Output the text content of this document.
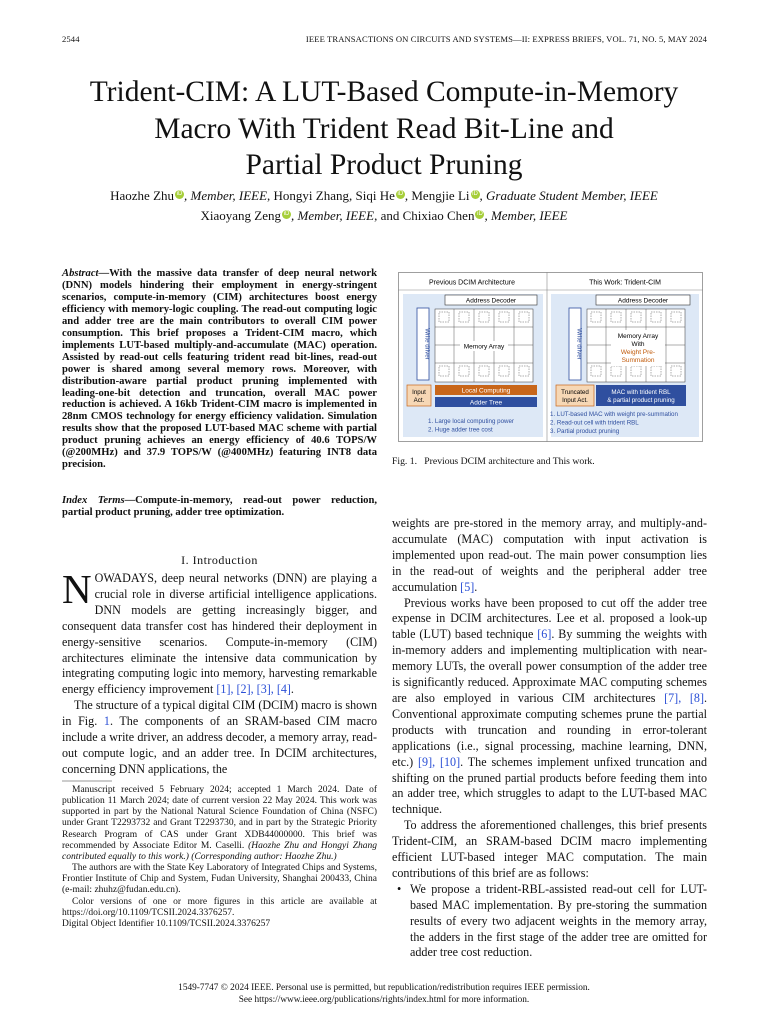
2544	IEEE TRANSACTIONS ON CIRCUITS AND SYSTEMS—II: EXPRESS BRIEFS, VOL. 71, NO. 5, MAY 2024
Trident-CIM: A LUT-Based Compute-in-Memory
Macro With Trident Read Bit-Line and
Partial Product Pruning
Haozhe Zhu iD , Member, IEEE, Hongyi Zhang, Siqi He iD , Mengjie Li iD , Graduate Student Member, IEEE
Xiaoyang Zeng iD , Member, IEEE, and Chixiao Chen iD , Member, IEEE
Abstract—With the massive data transfer of deep neural network (DNN) models hindering their employment in energy-stringent scenarios, compute-in-memory (CIM) architectures boost energy efficiency with memory-logic coupling. The read-out computing logic and adder tree are the main contributors to overall CIM power consumption. This brief proposes a Trident-CIM macro, which implements LUT-based multiply-and-accumulate (MAC) operation. Assisted by read-out cells featuring trident read bit-lines, read-out power is shared among several memory rows. Moreover, with distribution-aware partial product pruning implemented with leading-one-bit detection and truncation, overall MAC power reduction is achieved. A 16kb Trident-CIM macro is implemented in 28nm CMOS technology for energy efficiency validation. Simulation results show that the proposed LUT-based MAC scheme with partial product pruning achieves an energy efficiency of 40.6 TOPS/W (@200MHz) and 37.9 TOPS/W (@400MHz) featuring INT8 data precision.
Index Terms—Compute-in-memory, read-out power reduction, partial product pruning, adder tree optimization.
I. Introduction

NOWADAYS, deep neural networks (DNN) are playing a crucial role in diverse artificial intelligence applications. DNN models are getting increasingly bigger, and consequent data transfer cost has hindered their deployment in energy-sensitive scenarios. Compute-in-memory (CIM) architectures eliminate the intensive data communication by integrating computing logic into memory, harvesting remarkable energy efficiency improvement [1], [2], [3], [4].

The structure of a typical digital CIM (DCIM) macro is shown in Fig. 1. The components of an SRAM-based CIM macro include a write driver, an address decoder, a memory array, read-out compute logic, and an adder tree. In DCIM architectures, concerning DNN applications, the

Manuscript received 5 February 2024; accepted 1 March 2024. Date of publication 11 March 2024; date of current version 22 May 2024. This work was supported in part by the National Natural Science Foundation of China (NSFC) under Grant T2293732 and Grant T2293730, and in part by the Strategic Priority Research Program of CAS under Grant XDB44000000. This brief was recommended by Associate Editor M. Caselli. (Haozhe Zhu and Hongyi Zhang contributed equally to this work.) (Corresponding author: Haozhe Zhu.)

The authors are with the State Key Laboratory of Integrated Chips and Systems, Frontier Institute of Chip and System, Fudan University, Shanghai 200433, China (e-mail: zhuhz@fudan.edu.cn).

Color versions of one or more figures in this article are available at https://doi.org/10.1109/TCSII.2024.3376257.

Digital Object Identifier 10.1109/TCSII.2024.3376257

Previous DCIM Architecture	This Work: Trident-CIM
Address Decoder
Write driver	Memory Array
Input
Act.
Local Computing
Adder Tree
1. Large local computing power
2. Huge adder tree cost
Address Decoder
Write driver	Memory Array
With
Weight Pre-
Summation
Truncated
Input Act.
MAC with trident RBL
& partial product pruning
1. LUT-based MAC with weight pre-summation
2. Read-out cell with trident RBL
3. Partial product pruning
Fig. 1.   Previous DCIM architecture and This work.

weights are pre-stored in the memory array, and multiply-and-accumulate (MAC) computation with input activation is implemented upon read-out. The main power consumption lies in the read-out of weights and the peripheral adder tree accumulation [5].

Previous works have been proposed to cut off the adder tree expense in DCIM architectures. Lee et al. proposed a look-up table (LUT) based technique [6]. By summing the weights with in-memory adders and implementing multiplication with near-memory LUTs, the overall power consumption of the adder tree is significantly reduced. Approximate MAC computing schemes are also employed in various CIM architectures [7], [8]. Conventional approximate computing schemes prune the partial products with truncation and rounding in error-tolerant applications (i.e., signal processing, machine learning, DNN, etc.) [9], [10]. The schemes implement unfixed truncation and shifting on the pruned partial products before feeding them into an adder tree, which struggles to adapt to the LUT-based MAC technique.

To address the aforementioned challenges, this brief presents Trident-CIM, an SRAM-based DCIM macro implementing efficient LUT-based integer MAC computation. The main contributions of this brief are as follows:

• We propose a trident-RBL-assisted read-out cell for LUT-based MAC implementation. By pre-storing the summation results of every two adjacent weights in the memory array, the adders in the first stage of the adder tree are omitted for adder tree cost reduction.
1549-7747 © 2024 IEEE. Personal use is permitted, but republication/redistribution requires IEEE permission.
See https://www.ieee.org/publications/rights/index.html for more information.
